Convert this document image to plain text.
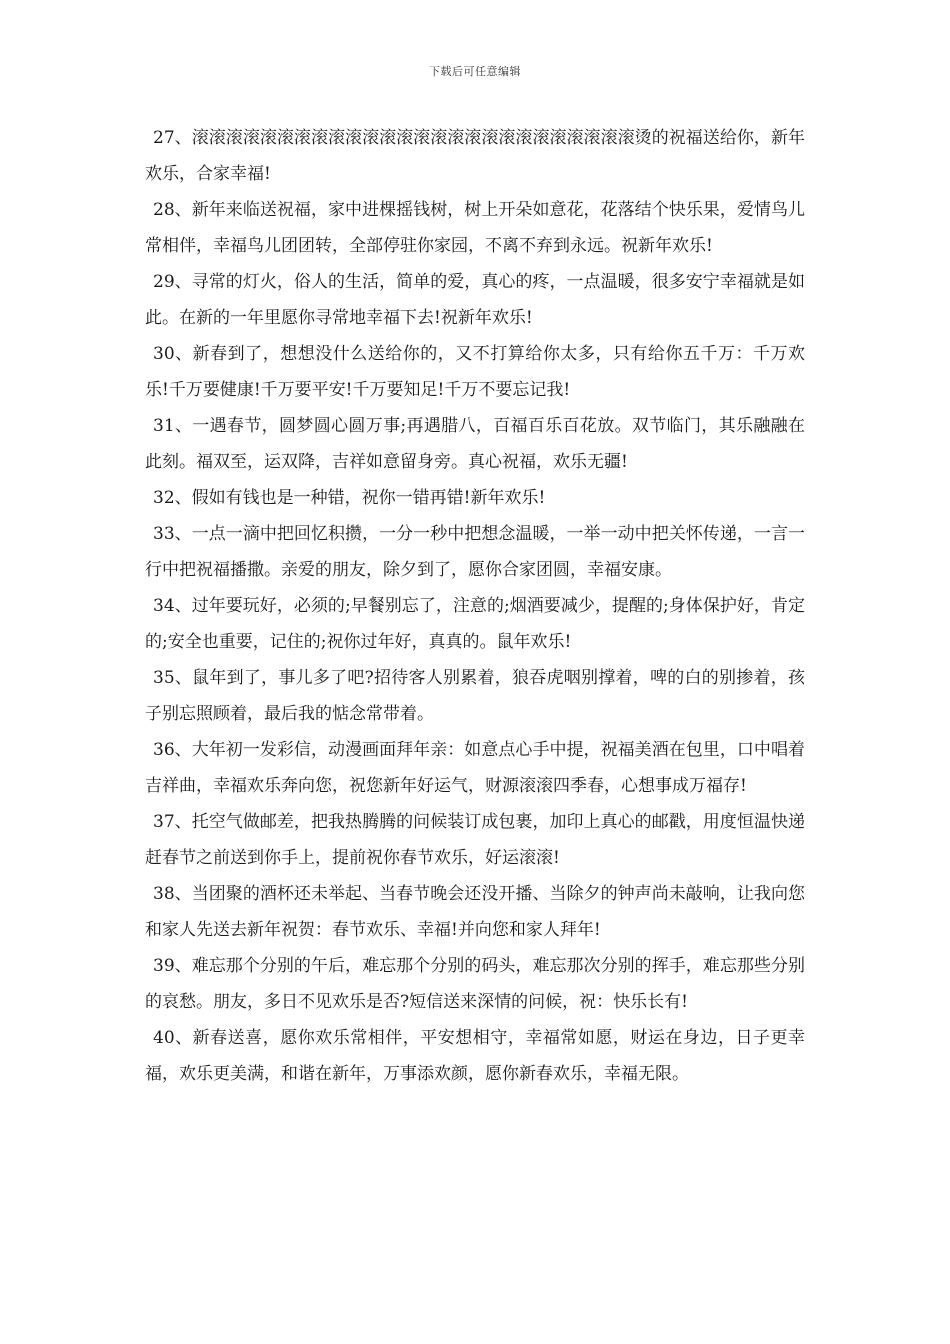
下载后可任意编辑

27、滚滚滚滚滚滚滚滚滚滚滚滚滚滚滚滚滚滚滚滚滚滚滚滚滚滚烫的祝福送给你，新年欢乐，合家幸福!

28、新年来临送祝福，家中进棵摇钱树，树上开朵如意花，花落结个快乐果，爱情鸟儿常相伴，幸福鸟儿团团转，全部停驻你家园，不离不弃到永远。祝新年欢乐!

29、寻常的灯火，俗人的生活，简单的爱，真心的疼，一点温暖，很多安宁幸福就是如此。在新的一年里愿你寻常地幸福下去!祝新年欢乐!

30、新春到了，想想没什么送给你的，又不打算给你太多，只有给你五千万：千万欢乐!千万要健康!千万要平安!千万要知足!千万不要忘记我!

31、一遇春节，圆梦圆心圆万事;再遇腊八，百福百乐百花放。双节临门，其乐融融在此刻。福双至，运双降，吉祥如意留身旁。真心祝福，欢乐无疆!

32、假如有钱也是一种错，祝你一错再错!新年欢乐!

33、一点一滴中把回忆积攒，一分一秒中把想念温暖，一举一动中把关怀传递，一言一行中把祝福播撒。亲爱的朋友，除夕到了，愿你合家团圆，幸福安康。

34、过年要玩好，必须的;早餐别忘了，注意的;烟酒要减少，提醒的;身体保护好，肯定的;安全也重要，记住的;祝你过年好，真真的。鼠年欢乐!

35、鼠年到了，事儿多了吧?招待客人别累着，狼吞虎咽别撑着，啤的白的别掺着，孩子别忘照顾着，最后我的惦念常带着。

36、大年初一发彩信，动漫画面拜年亲：如意点心手中提，祝福美酒在包里，口中唱着吉祥曲，幸福欢乐奔向您，祝您新年好运气，财源滚滚四季春，心想事成万福存!

37、托空气做邮差，把我热腾腾的问候装订成包裹，加印上真心的邮戳，用度恒温快递赶春节之前送到你手上，提前祝你春节欢乐，好运滚滚!

38、当团聚的酒杯还未举起、当春节晚会还没开播、当除夕的钟声尚未敲响，让我向您和家人先送去新年祝贺：春节欢乐、幸福!并向您和家人拜年!

39、难忘那个分别的午后，难忘那个分别的码头，难忘那次分别的挥手，难忘那些分别的哀愁。朋友，多日不见欢乐是否?短信送来深情的问候，祝：快乐长有!

40、新春送喜，愿你欢乐常相伴，平安想相守，幸福常如愿，财运在身边，日子更幸福，欢乐更美满，和谐在新年，万事添欢颜，愿你新春欢乐，幸福无限。
